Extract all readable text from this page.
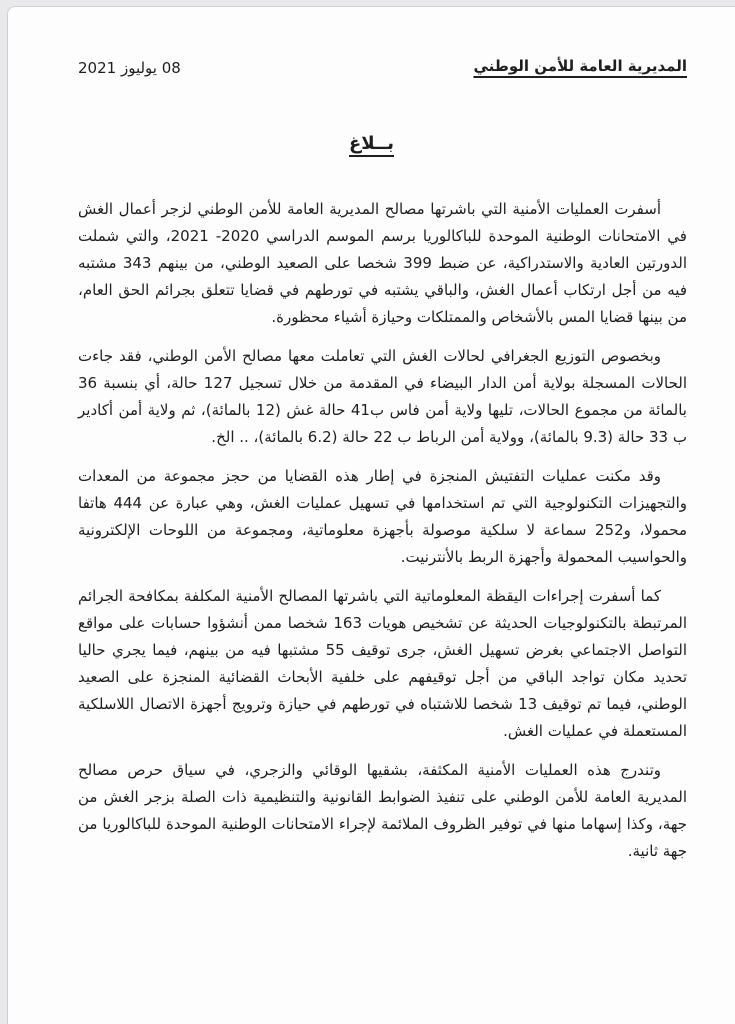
المديرية العامة للأمن الوطني
08 يوليوز 2021
بــلاغ

أسفرت العمليات الأمنية التي باشرتها مصالح المديرية العامة للأمن الوطني لزجر أعمال الغش في الامتحانات الوطنية الموحدة للباكالوريا برسم الموسم الدراسي 2020- 2021، والتي شملت الدورتين العادية والاستدراكية، عن ضبط 399 شخصا على الصعيد الوطني، من بينهم 343 مشتبه فيه من أجل ارتكاب أعمال الغش، والباقي يشتبه في تورطهم في قضايا تتعلق بجرائم الحق العام، من بينها قضايا المس بالأشخاص والممتلكات وحيازة أشياء محظورة.

وبخصوص التوزيع الجغرافي لحالات الغش التي تعاملت معها مصالح الأمن الوطني، فقد جاءت الحالات المسجلة بولاية أمن الدار البيضاء في المقدمة من خلال تسجيل 127 حالة، أي بنسبة 36 بالمائة من مجموع الحالات، تليها ولاية أمن فاس ب41 حالة غش (12 بالمائة)، ثم ولاية أمن أكادير ب 33 حالة (9.3 بالمائة)، وولاية أمن الرباط ب 22 حالة (6.2 بالمائة)، .. الخ.

وقد مكنت عمليات التفتيش المنجزة في إطار هذه القضايا من حجز مجموعة من المعدات والتجهيزات التكنولوجية التي تم استخدامها في تسهيل عمليات الغش، وهي عبارة عن 444 هاتفا محمولا، و252 سماعة لا سلكية موصولة بأجهزة معلوماتية، ومجموعة من اللوحات الإلكترونية والحواسيب المحمولة وأجهزة الربط بالأنترنيت.

كما أسفرت إجراءات اليقظة المعلوماتية التي باشرتها المصالح الأمنية المكلفة بمكافحة الجرائم المرتبطة بالتكنولوجيات الحديثة عن تشخيص هويات 163 شخصا ممن أنشؤوا حسابات على مواقع التواصل الاجتماعي بغرض تسهيل الغش، جرى توقيف 55 مشتبها فيه من بينهم، فيما يجري حاليا تحديد مكان تواجد الباقي من أجل توقيفهم على خلفية الأبحاث القضائية المنجزة على الصعيد الوطني، فيما تم توقيف 13 شخصا للاشتباه في تورطهم في حيازة وترويج أجهزة الاتصال اللاسلكية المستعملة في عمليات الغش.

وتندرج هذه العمليات الأمنية المكثفة، بشقيها الوقائي والزجري، في سياق حرص مصالح المديرية العامة للأمن الوطني على تنفيذ الضوابط القانونية والتنظيمية ذات الصلة بزجر الغش من جهة، وكذا إسهاما منها في توفير الظروف الملائمة لإجراء الامتحانات الوطنية الموحدة للباكالوريا من جهة ثانية.
